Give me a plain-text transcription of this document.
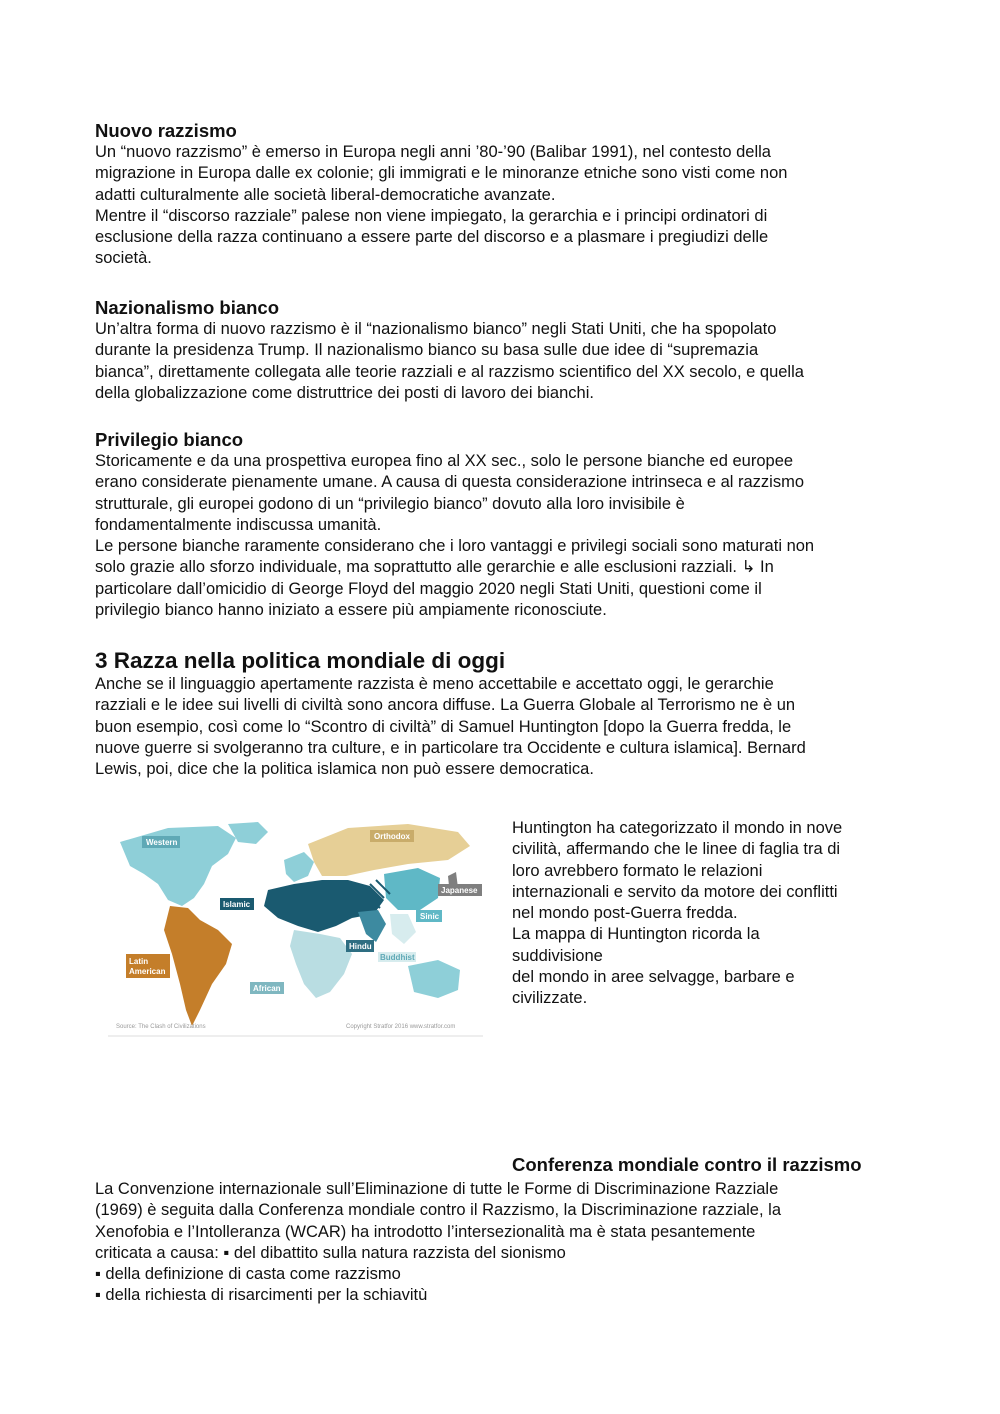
Nuovo razzismo

Un “nuovo razzismo” è emerso in Europa negli anni ’80-’90 (Balibar 1991), nel contesto della
migrazione in Europa dalle ex colonie; gli immigrati e le minoranze etniche sono visti come non
adatti culturalmente alle società liberal-democratiche avanzate.

Mentre il “discorso razziale” palese non viene impiegato, la gerarchia e i principi ordinatori di
esclusione della razza continuano a essere parte del discorso e a plasmare i pregiudizi delle
società.

Nazionalismo bianco

Un’altra forma di nuovo razzismo è il “nazionalismo bianco” negli Stati Uniti, che ha spopolato
durante la presidenza Trump. Il nazionalismo bianco su basa sulle due idee di “supremazia
bianca”, direttamente collegata alle teorie razziali e al razzismo scientifico del XX secolo, e quella
della globalizzazione come distruttrice dei posti di lavoro dei bianchi.

Privilegio bianco

Storicamente e da una prospettiva europea fino al XX sec., solo le persone bianche ed europee
erano considerate pienamente umane. A causa di questa considerazione intrinseca e al razzismo
strutturale, gli europei godono di un “privilegio bianco” dovuto alla loro invisibile è
fondamentalmente indiscussa umanità.

Le persone bianche raramente considerano che i loro vantaggi e privilegi sociali sono maturati non
solo grazie allo sforzo individuale, ma soprattutto alle gerarchie e alle esclusioni razziali. ↳ In
particolare dall’omicidio di George Floyd del maggio 2020 negli Stati Uniti, questioni come il
privilegio bianco hanno iniziato a essere più ampiamente riconosciute.

3 Razza nella politica mondiale di oggi

Anche se il linguaggio apertamente razzista è meno accettabile e accettato oggi, le gerarchie
razziali e le idee sui livelli di civiltà sono ancora diffuse. La Guerra Globale al Terrorismo ne è un
buon esempio, così come lo “Scontro di civiltà” di Samuel Huntington [dopo la Guerra fredda, le
nuove guerre si svolgeranno tra culture, e in particolare tra Occidente e cultura islamica]. Bernard
Lewis, poi, dice che la politica islamica non può essere democratica.

Western
Orthodox
Japanese
Islamic
Sinic
Hindu
Buddhist
Latin American
African
Source: The Clash of Civilizations	Copyright Stratfor 2016 www.stratfor.com

Huntington ha categorizzato il mondo in nove
civilità, affermando che le linee di faglia tra di
loro avrebbero formato le relazioni
internazionali e servito da motore dei conflitti
nel mondo post-Guerra fredda.
La mappa di Huntington ricorda la
suddivisione
del mondo in aree selvagge, barbare e
civilizzate.

Conferenza mondiale contro il razzismo

La Convenzione internazionale sull’Eliminazione di tutte le Forme di Discriminazione Razziale
(1969) è seguita dalla Conferenza mondiale contro il Razzismo, la Discriminazione razziale, la
Xenofobia e l’Intolleranza (WCAR) ha introdotto l’intersezionalità ma è stata pesantemente
criticata a causa: ▪ del dibattito sulla natura razzista del sionismo

▪ della definizione di casta come razzismo

▪ della richiesta di risarcimenti per la schiavitù
